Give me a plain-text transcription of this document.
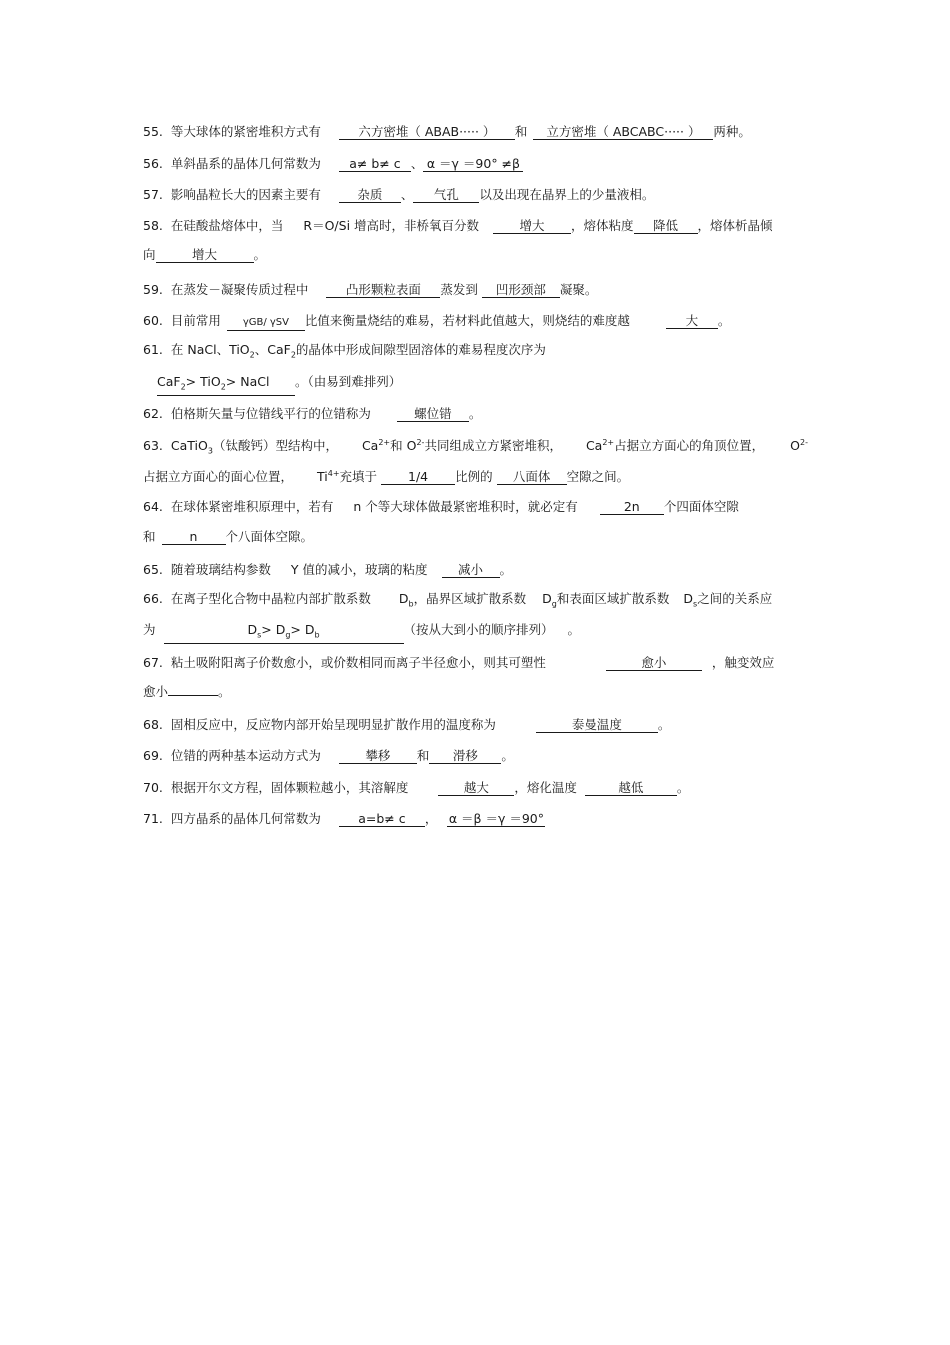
55. 等大球体的紧密堆积方式有	六方密堆（ ABAB····· ） 和 立方密堆（ ABCABC····· ） 两种。
56. 单斜晶系的晶体几何常数为 a≠ b≠ c 、 α ＝γ ＝90° ≠β
57. 影响晶粒长大的因素主要有	杂质 、 气孔 以及出现在晶界上的少量液相。
58. 在硅酸盐熔体中，当 R＝O/Si 增高时，非桥氧百分数	增大 ，熔体粘度 降低 ，熔体析晶倾
向	增大	。
59. 在蒸发－凝聚传质过程中	凸形颗粒表面 蒸发到 凹形颈部 凝聚。
60. 目前常用 γGB/ γSV 比值来衡量烧结的难易，若材料此值越大，则烧结的难度越	大 。
61. 在 NaCl、TiO$_2$、CaF$_2$的晶体中形成间隙型固溶体的难易程度次序为
CaF$_2$> TiO$_2$> NaCl 。（由易到难排列）
62. 伯格斯矢量与位错线平行的位错称为	螺位错 。
63. CaTiO$_3$（钛酸钙）型结构中， $Ca^{2+}$和 $O^{2-}$共同组成立方紧密堆积， $Ca^{2+}$占据立方面心的角顶位置， $O^{2-}$
占据立方面心的面心位置， $Ti^{4+}$充填于 1/4 比例的 八面体 空隙之间。
64. 在球体紧密堆积原理中，若有 n 个等大球体做最紧密堆积时，就必定有	2n 个四面体空隙
和	n 个八面体空隙。
65. 随着玻璃结构参数 Y 值的减小，玻璃的粘度 减小 。
66. 在离子型化合物中晶粒内部扩散系数 $D_b$，晶界区域扩散系数 $D_g$和表面区域扩散系数 $D_s$之间的关系应
为	$D_s> D_g> D_b$	（按从大到小的顺序排列） 。
67. 粘土吸附阳离子价数愈小，或价数相同而离子半径愈小，则其可塑性	愈小	，触变效应
愈小	。
68. 固相反应中，反应物内部开始呈现明显扩散作用的温度称为	泰曼温度	。
69. 位错的两种基本运动方式为	攀移 和 滑移 。
70. 根据开尔文方程，固体颗粒越小，其溶解度	越大 ，熔化温度	越低	。
71. 四方晶系的晶体几何常数为	a=b≠ c ， α ＝β ＝γ ＝90°
